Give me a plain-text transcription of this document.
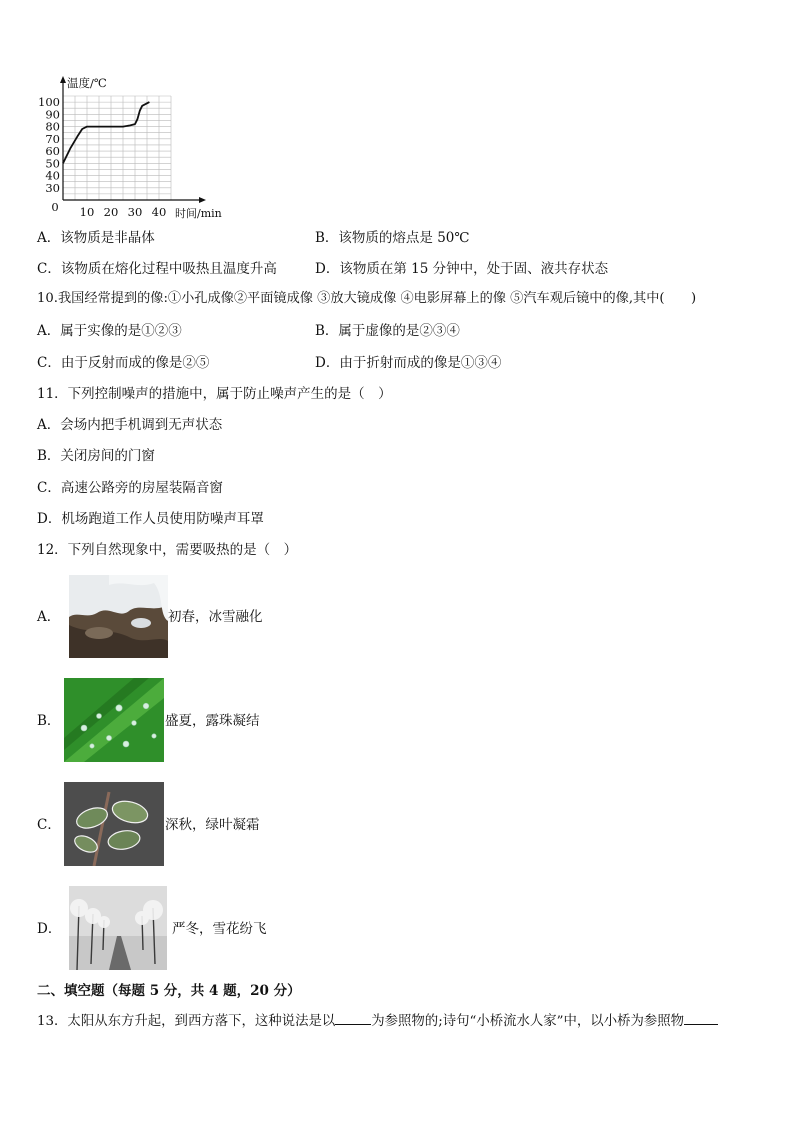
30
40
50
60
70
80
90
100
10 20 30 40
0
温度/℃
时间/min
A．该物质是非晶体	B．该物质的熔点是 50℃
C．该物质在熔化过程中吸热且温度升高	D．该物质在第 15 分钟中，处于固、液共存状态
10.我国经常提到的像:①小孔成像②平面镜成像 ③放大镜成像 ④电影屏幕上的像 ⑤汽车观后镜中的像,其中(　　)
A．属于实像的是①②③	B．属于虚像的是②③④
C．由于反射而成的像是②⑤	D．由于折射而成的像是①③④
11．下列控制噪声的措施中，属于防止噪声产生的是（　）
A．会场内把手机调到无声状态
B．关闭房间的门窗
C．高速公路旁的房屋装隔音窗
D．机场跑道工作人员使用防噪声耳罩
12．下列自然现象中，需要吸热的是（　）
A．	初春，冰雪融化
B．	盛夏，露珠凝结
C．	深秋，绿叶凝霜
D．	严冬，雪花纷飞
二、填空题（每题 5 分，共 4 题，20 分）
13．太阳从东方升起，到西方落下，这种说法是以	为参照物的;诗句“小桥流水人家”中，以小桥为参照物
